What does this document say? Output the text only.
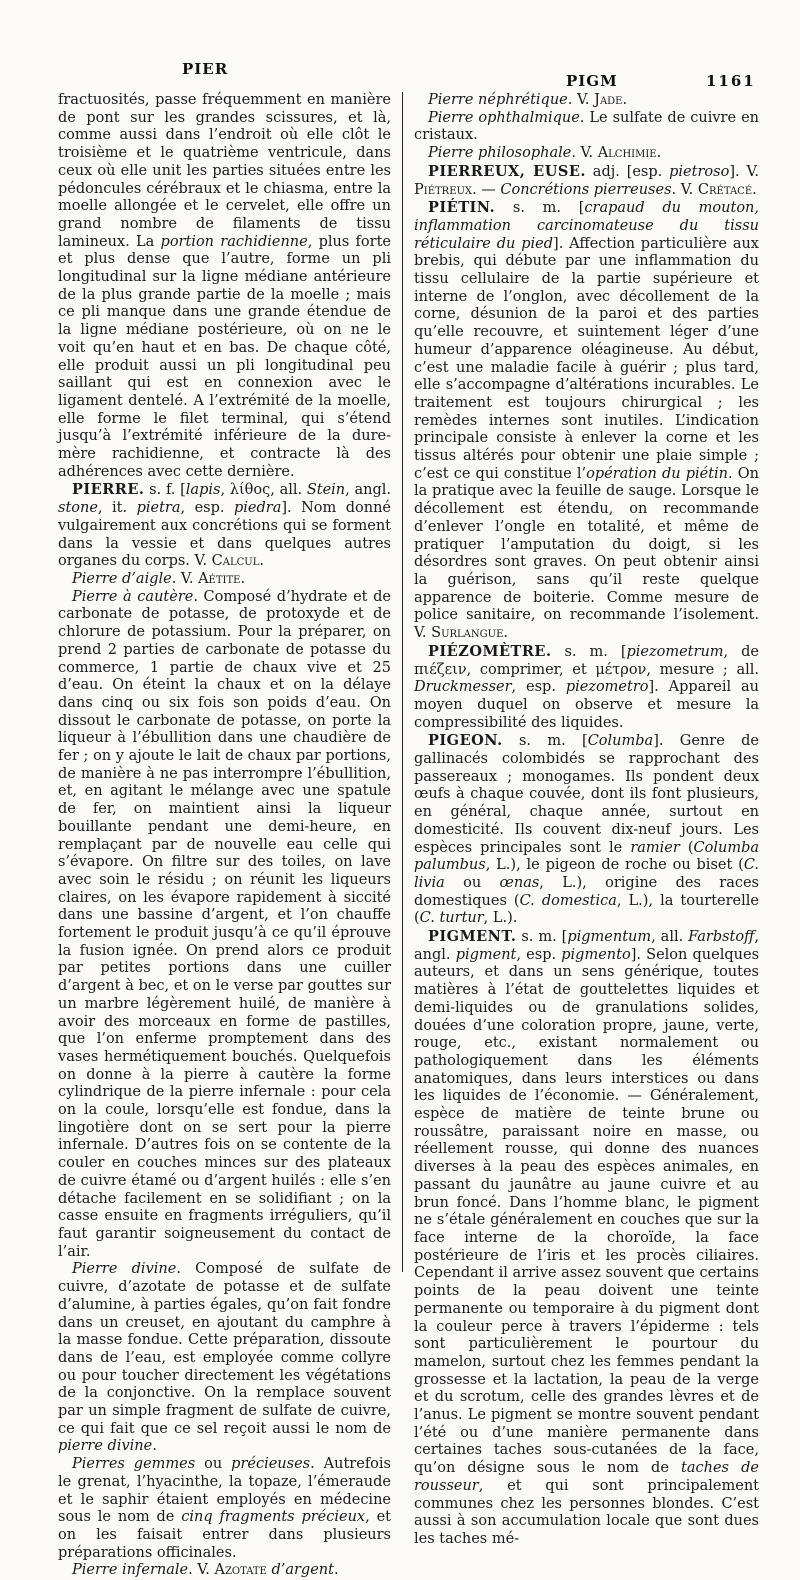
PIER
PIGM	1161

fractuosités, passe fréquemment en manière de pont sur les grandes scissures, et là, comme aussi dans l’endroit où elle clôt le troisième et le quatrième ventricule, dans ceux où elle unit les parties situées entre les pédoncules cérébraux et le chiasma, entre la moelle allongée et le cervelet, elle offre un grand nombre de filaments de tissu lamineux. La portion rachidienne, plus forte et plus dense que l’autre, forme un pli longitudinal sur la ligne médiane antérieure de la plus grande partie de la moelle ; mais ce pli manque dans une grande étendue de la ligne médiane postérieure, où on ne le voit qu’en haut et en bas. De chaque côté, elle produit aussi un pli longitudinal peu saillant qui est en connexion avec le ligament dentelé. A l’extrémité de la moelle, elle forme le filet terminal, qui s’étend jusqu’à l’extrémité inférieure de la dure-mère rachidienne, et contracte là des adhérences avec cette dernière.

PIERRE. s. f. [lapis, λίθος, all. Stein, angl. stone, it. pietra, esp. piedra]. Nom donné vulgairement aux concrétions qui se forment dans la vessie et dans quelques autres organes du corps. V. Calcul.

Pierre d’aigle. V. Aétite.

Pierre à cautère. Composé d’hydrate et de carbonate de potasse, de protoxyde et de chlorure de potassium. Pour la préparer, on prend 2 parties de carbonate de potasse du commerce, 1 partie de chaux vive et 25 d’eau. On éteint la chaux et on la délaye dans cinq ou six fois son poids d’eau. On dissout le carbonate de potasse, on porte la liqueur à l’ébullition dans une chaudière de fer ; on y ajoute le lait de chaux par portions, de manière à ne pas interrompre l’ébullition, et, en agitant le mélange avec une spatule de fer, on maintient ainsi la liqueur bouillante pendant une demi-heure, en remplaçant par de nouvelle eau celle qui s’évapore. On filtre sur des toiles, on lave avec soin le résidu ; on réunit les liqueurs claires, on les évapore rapidement à siccité dans une bassine d’argent, et l’on chauffe fortement le produit jusqu’à ce qu’il éprouve la fusion ignée. On prend alors ce produit par petites portions dans une cuiller d’argent à bec, et on le verse par gouttes sur un marbre légèrement huilé, de manière à avoir des morceaux en forme de pastilles, que l’on enferme promptement dans des vases hermétiquement bouchés. Quelquefois on donne à la pierre à cautère la forme cylindrique de la pierre infernale : pour cela on la coule, lorsqu’elle est fondue, dans la lingotière dont on se sert pour la pierre infernale. D’autres fois on se contente de la couler en couches minces sur des plateaux de cuivre étamé ou d’argent huilés : elle s’en détache facilement en se solidifiant ; on la casse ensuite en fragments irréguliers, qu’il faut garantir soigneusement du contact de l’air.

Pierre divine. Composé de sulfate de cuivre, d’azotate de potasse et de sulfate d’alumine, à parties égales, qu’on fait fondre dans un creuset, en ajoutant du camphre à la masse fondue. Cette préparation, dissoute dans de l’eau, est employée comme collyre ou pour toucher directement les végétations de la conjonctive. On la remplace souvent par un simple fragment de sulfate de cuivre, ce qui fait que ce sel reçoit aussi le nom de pierre divine.

Pierres gemmes ou précieuses. Autrefois le grenat, l’hyacinthe, la topaze, l’émeraude et le saphir étaient employés en médecine sous le nom de cinq fragments précieux, et on les faisait entrer dans plusieurs préparations officinales.

Pierre infernale. V. Azotate d’argent.

Pierre néphrétique. V. Jade.

Pierre ophthalmique. Le sulfate de cuivre en cristaux.

Pierre philosophale. V. Alchimie.

PIERREUX, EUSE. adj. [esp. pietroso]. V. Piétreux. — Concrétions pierreuses. V. Crétacé.

PIÉTIN. s. m. [crapaud du mouton, inflammation carcinomateuse du tissu réticulaire du pied]. Affection particulière aux brebis, qui débute par une inflammation du tissu cellulaire de la partie supérieure et interne de l’onglon, avec décollement de la corne, désunion de la paroi et des parties qu’elle recouvre, et suintement léger d’une humeur d’apparence oléagineuse. Au début, c’est une maladie facile à guérir ; plus tard, elle s’accompagne d’altérations incurables. Le traitement est toujours chirurgical ; les remèdes internes sont inutiles. L’indication principale consiste à enlever la corne et les tissus altérés pour obtenir une plaie simple ; c’est ce qui constitue l’opération du piétin. On la pratique avec la feuille de sauge. Lorsque le décollement est étendu, on recommande d’enlever l’ongle en totalité, et même de pratiquer l’amputation du doigt, si les désordres sont graves. On peut obtenir ainsi la guérison, sans qu’il reste quelque apparence de boiterie. Comme mesure de police sanitaire, on recommande l’isolement. V. Surlangue.

PIÉZOMÈTRE. s. m. [piezometrum, de πιέζειν, comprimer, et μέτρον, mesure ; all. Druckmesser, esp. piezometro]. Appareil au moyen duquel on observe et mesure la compressibilité des liquides.

PIGEON. s. m. [Columba]. Genre de gallinacés colombidés se rapprochant des passereaux ; monogames. Ils pondent deux œufs à chaque couvée, dont ils font plusieurs, en général, chaque année, surtout en domesticité. Ils couvent dix-neuf jours. Les espèces principales sont le ramier (Columba palumbus, L.), le pigeon de roche ou biset (C. livia ou œnas, L.), origine des races domestiques (C. domestica, L.), la tourterelle (C. turtur, L.).

PIGMENT. s. m. [pigmentum, all. Farbstoff, angl. pigment, esp. pigmento]. Selon quelques auteurs, et dans un sens générique, toutes matières à l’état de gouttelettes liquides et demi-liquides ou de granulations solides, douées d’une coloration propre, jaune, verte, rouge, etc., existant normalement ou pathologiquement dans les éléments anatomiques, dans leurs interstices ou dans les liquides de l’économie. — Généralement, espèce de matière de teinte brune ou roussâtre, paraissant noire en masse, ou réellement rousse, qui donne des nuances diverses à la peau des espèces animales, en passant du jaunâtre au jaune cuivre et au brun foncé. Dans l’homme blanc, le pigment ne s’étale généralement en couches que sur la face interne de la choroïde, la face postérieure de l’iris et les procès ciliaires. Cependant il arrive assez souvent que certains points de la peau doivent une teinte permanente ou temporaire à du pigment dont la couleur perce à travers l’épiderme : tels sont particulièrement le pourtour du mamelon, surtout chez les femmes pendant la grossesse et la lactation, la peau de la verge et du scrotum, celle des grandes lèvres et de l’anus. Le pigment se montre souvent pendant l’été ou d’une manière permanente dans certaines taches sous-cutanées de la face, qu’on désigne sous le nom de taches de rousseur, et qui sont principalement communes chez les personnes blondes. C’est aussi à son accumulation locale que sont dues les taches mé-
